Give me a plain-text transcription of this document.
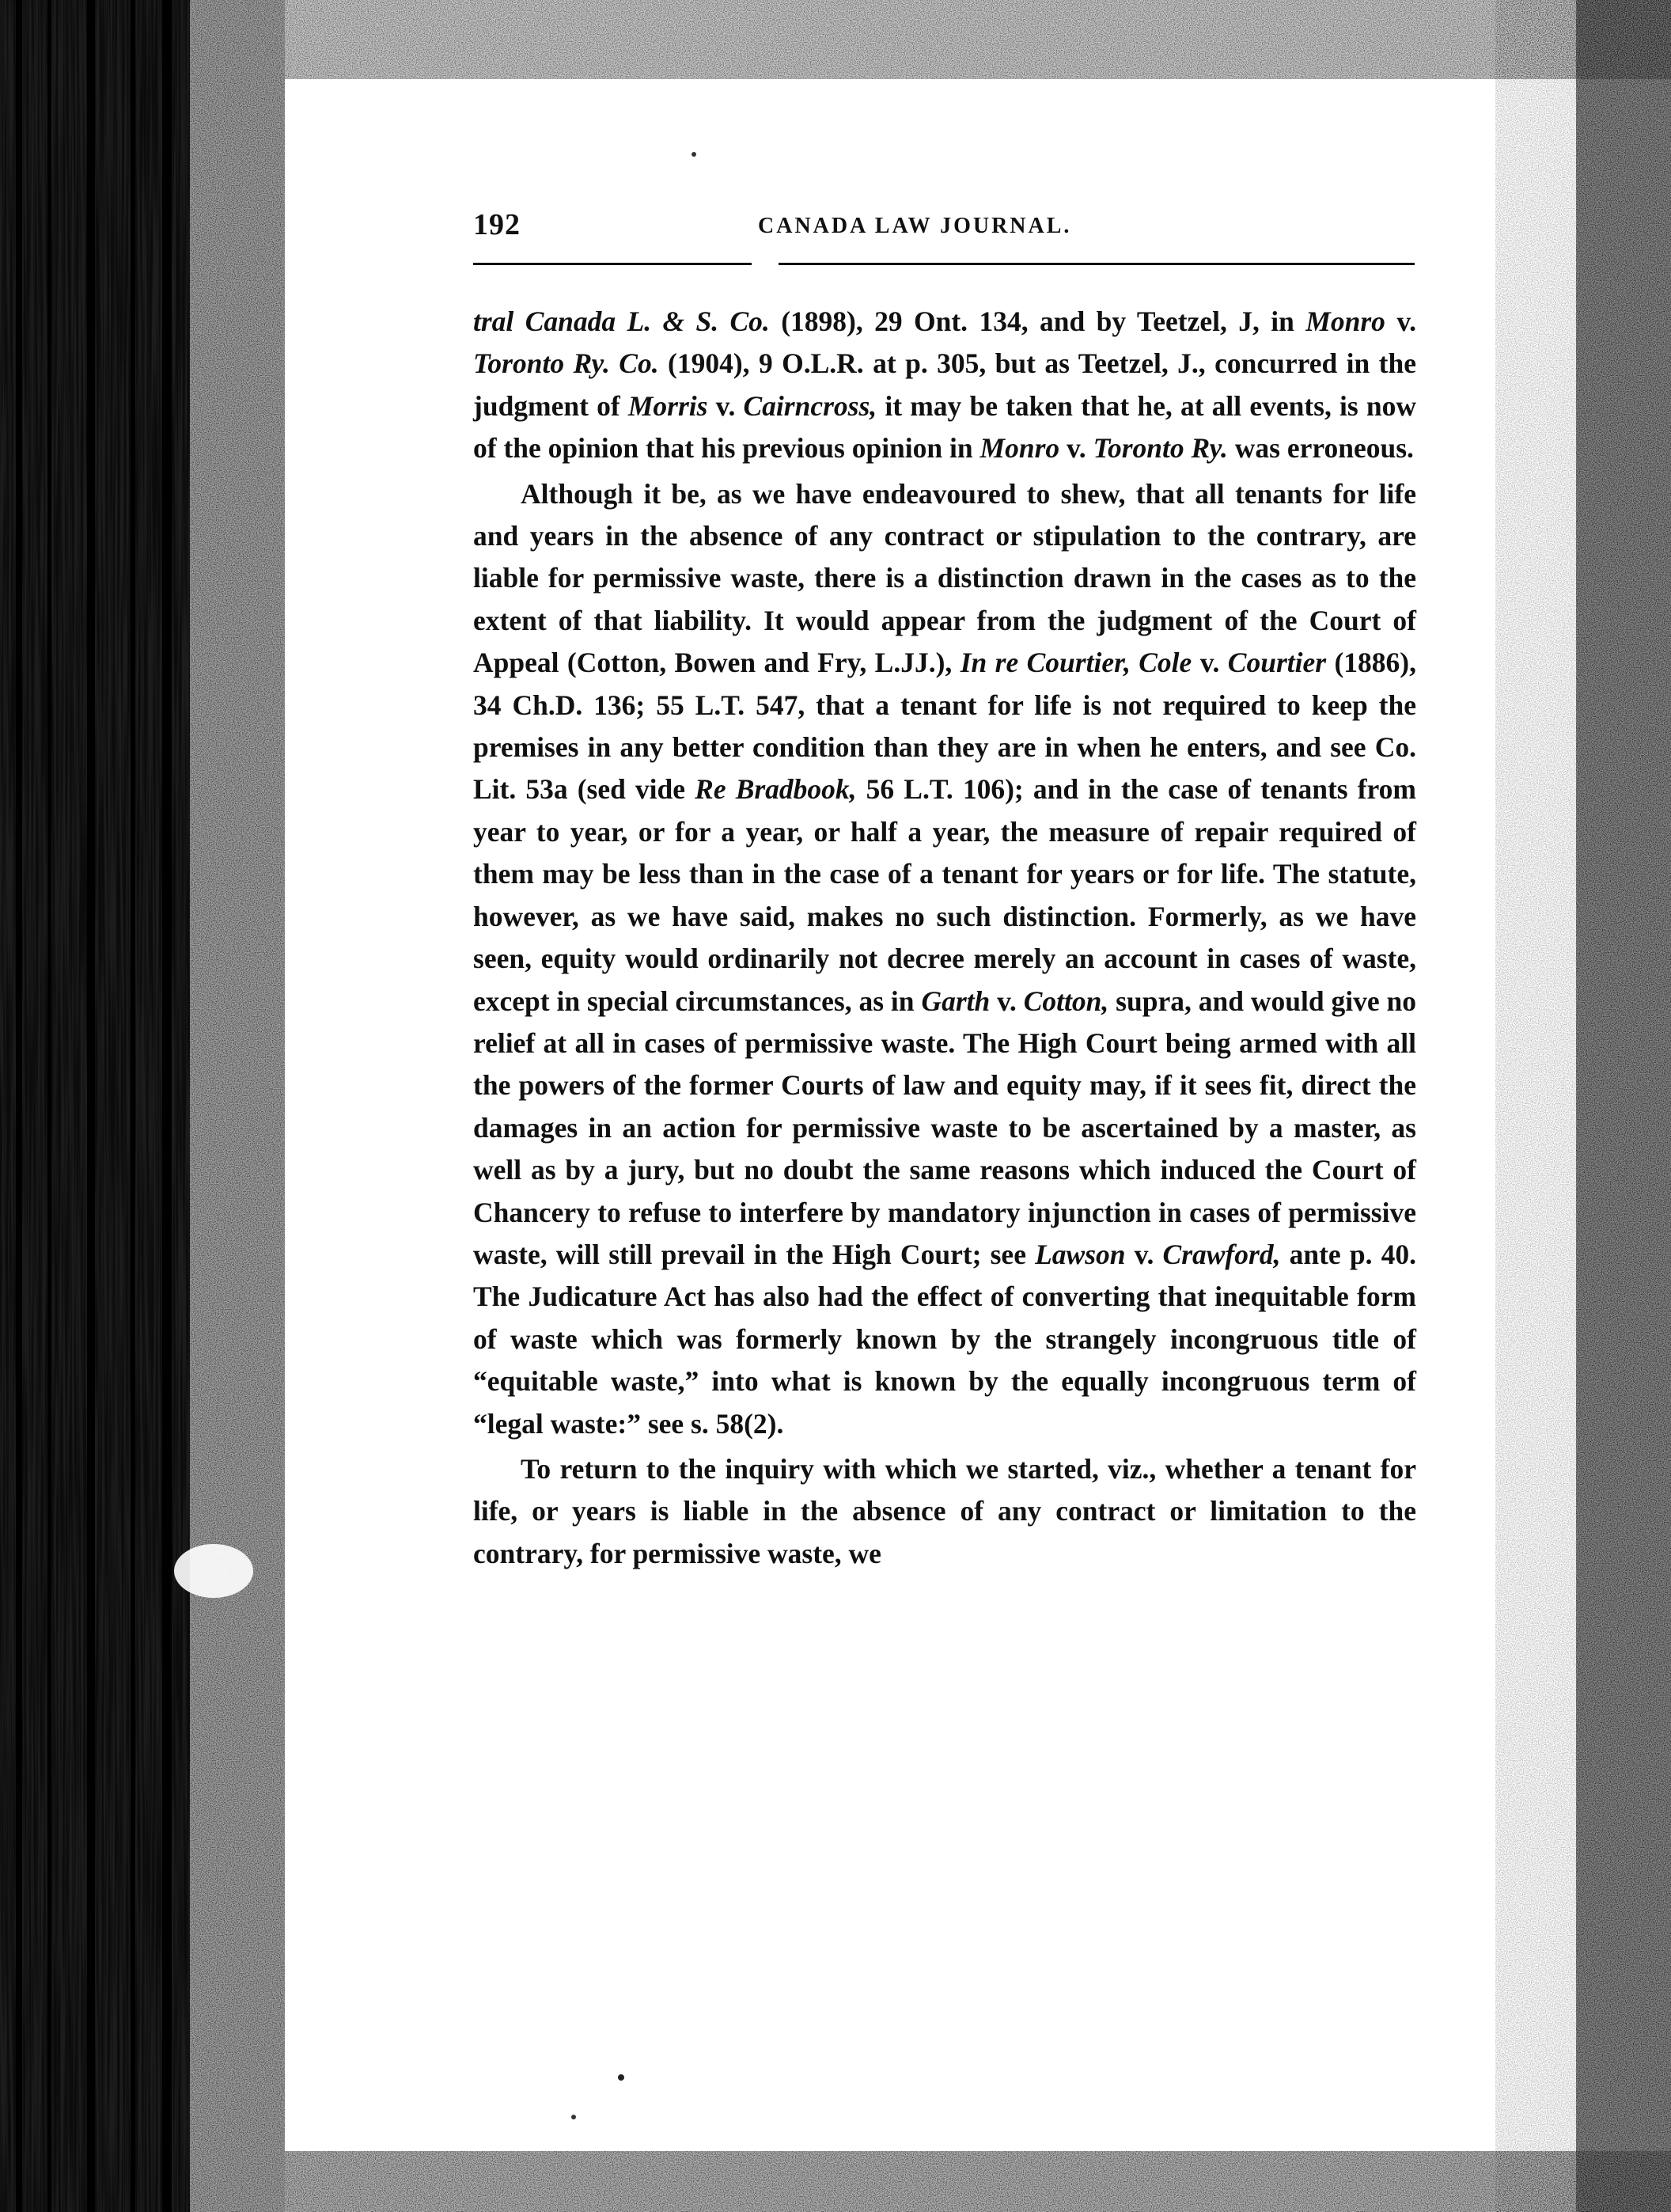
192	CANADA LAW JOURNAL.

tral Canada L. & S. Co. (1898), 29 Ont. 134, and by Teetzel, J, in Monro v. Toronto Ry. Co. (1904), 9 O.L.R. at p. 305, but as Teetzel, J., concurred in the judgment of Morris v. Cairncross, it may be taken that he, at all events, is now of the opinion that his previous opinion in Monro v. Toronto Ry. was erroneous.

Although it be, as we have endeavoured to shew, that all tenants for life and years in the absence of any contract or stipulation to the contrary, are liable for permissive waste, there is a distinction drawn in the cases as to the extent of that liability. It would appear from the judgment of the Court of Appeal (Cotton, Bowen and Fry, L.JJ.), In re Courtier, Cole v. Courtier (1886), 34 Ch.D. 136; 55 L.T. 547, that a tenant for life is not required to keep the premises in any better condition than they are in when he enters, and see Co. Lit. 53a (sed vide Re Bradbook, 56 L.T. 106); and in the case of tenants from year to year, or for a year, or half a year, the measure of repair required of them may be less than in the case of a tenant for years or for life. The statute, however, as we have said, makes no such distinction. Formerly, as we have seen, equity would ordinarily not decree merely an account in cases of waste, except in special circumstances, as in Garth v. Cotton, supra, and would give no relief at all in cases of permissive waste. The High Court being armed with all the powers of the former Courts of law and equity may, if it sees fit, direct the damages in an action for permissive waste to be ascertained by a master, as well as by a jury, but no doubt the same reasons which induced the Court of Chancery to refuse to interfere by mandatory injunction in cases of permissive waste, will still prevail in the High Court; see Lawson v. Crawford, ante p. 40. The Judicature Act has also had the effect of converting that inequitable form of waste which was formerly known by the strangely incongruous title of “equitable waste,” into what is known by the equally incongruous term of “legal waste:” see s. 58(2).

To return to the inquiry with which we started, viz., whether a tenant for life, or years is liable in the absence of any contract or limitation to the contrary, for permissive waste, we
